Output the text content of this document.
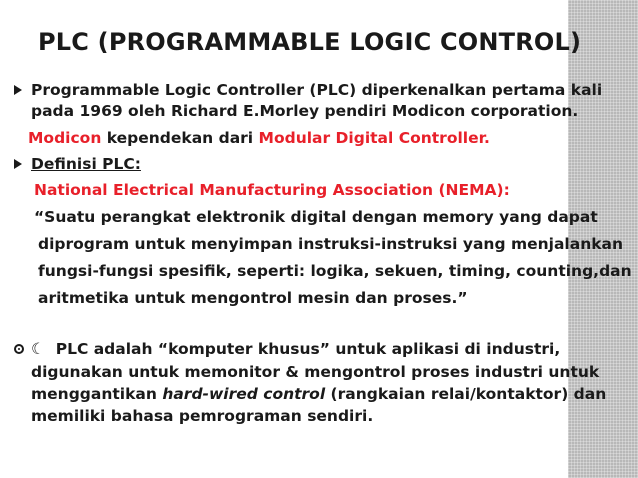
PLC (PROGRAMMABLE LOGIC CONTROL)
Programmable Logic Controller (PLC) diperkenalkan pertama kali
pada 1969 oleh Richard E.Morley pendiri Modicon corporation.
Modicon kependekan dari Modular Digital Controller.
Definisi PLC:
National Electrical Manufacturing Association (NEMA):
“Suatu perangkat elektronik digital dengan memory yang dapat
diprogram untuk menyimpan instruksi-instruksi yang menjalankan
fungsi-fungsi spesifik, seperti: logika, sekuen, timing, counting,dan
aritmetika untuk mengontrol mesin dan proses.”
☾ PLC adalah “komputer khusus” untuk aplikasi di industri,
digunakan untuk memonitor & mengontrol proses industri untuk
menggantikan hard-wired control (rangkaian relai/kontaktor) dan
memiliki bahasa pemrograman sendiri.
